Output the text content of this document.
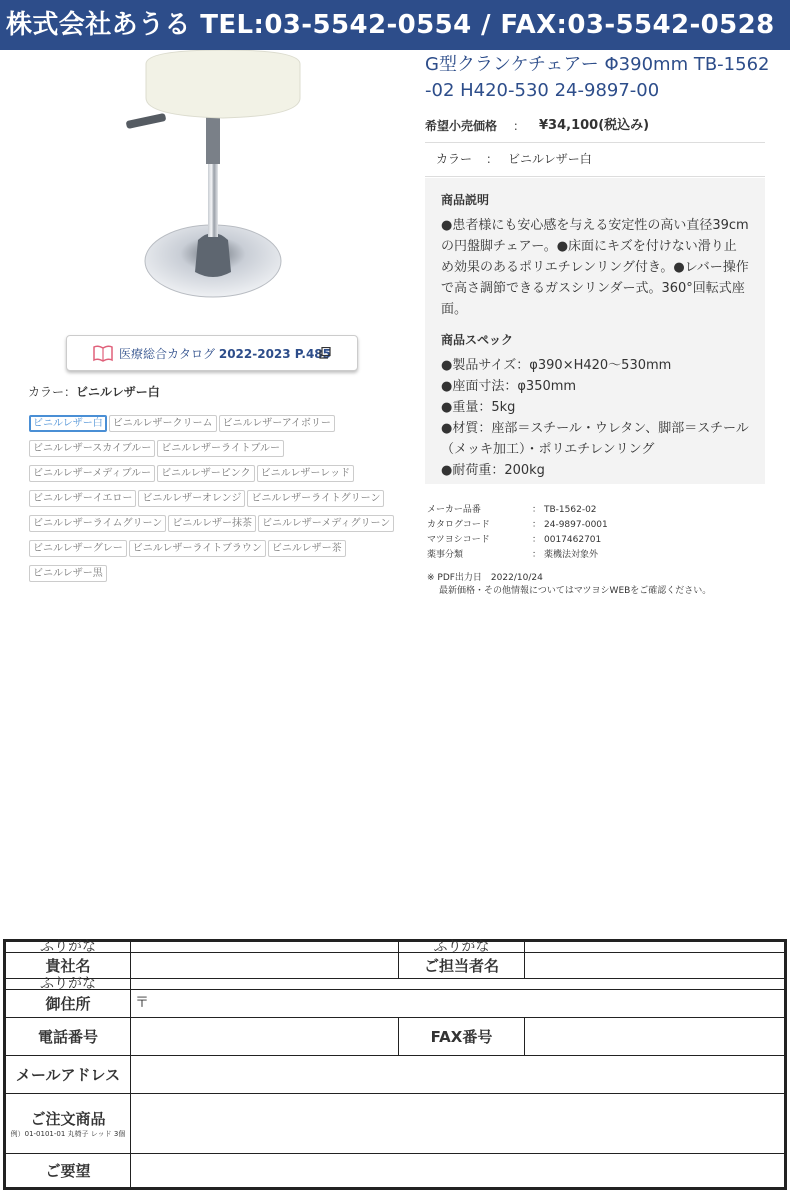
株式会社あうる TEL:03-5542-0554 / FAX:03-5542-0528
医療総合カタログ 2022-2023 P.485
カラー：ビニルレザー白
ビニルレザー白 ビニルレザークリーム ビニルレザーアイボリー
ビニルレザースカイブルー ビニルレザーライトブルー
ビニルレザーメディブルー ビニルレザーピンク ビニルレザーレッド
ビニルレザーイエロー ビニルレザーオレンジ ビニルレザーライトグリーン
ビニルレザーライムグリーン ビニルレザー抹茶 ビニルレザーメディグリーン
ビニルレザーグレー ビニルレザーライトブラウン ビニルレザー茶
ビニルレザー黒
G型クランケチェアー Φ390mm TB-1562-02 H420-530 24-9897-00
希望小売価格 ： ¥34,100(税込み)
カラー ： ビニルレザー白
商品説明
●患者様にも安心感を与える安定性の高い直径39cmの円盤脚チェアー。●床面にキズを付けない滑り止め効果のあるポリエチレンリング付き。●レバー操作で高さ調節できるガスシリンダー式。360°回転式座面。
商品スペック
●製品サイズ：φ390×H420～530mm
●座面寸法：φ350mm
●重量：5kg
●材質：座部＝スチール・ウレタン、脚部＝スチール（メッキ加工）・ポリエチレンリング
●耐荷重：200kg
メーカー品番	： TB-1562-02
カタログコード	： 24-9897-0001
マツヨシコード	： 0017462701
薬事分類	： 薬機法対象外
※ PDF出力日　2022/10/24
最新価格・その他情報についてはマツヨシWEBをご確認ください。
ふりがな		ふりがな	
貴社名		ご担当者名	
ふりがな			
御住所	〒		
電話番号		FAX番号	
メールアドレス			
ご注文商品
例）01-0101-01 丸椅子 レッド 3個			

ご要望			
